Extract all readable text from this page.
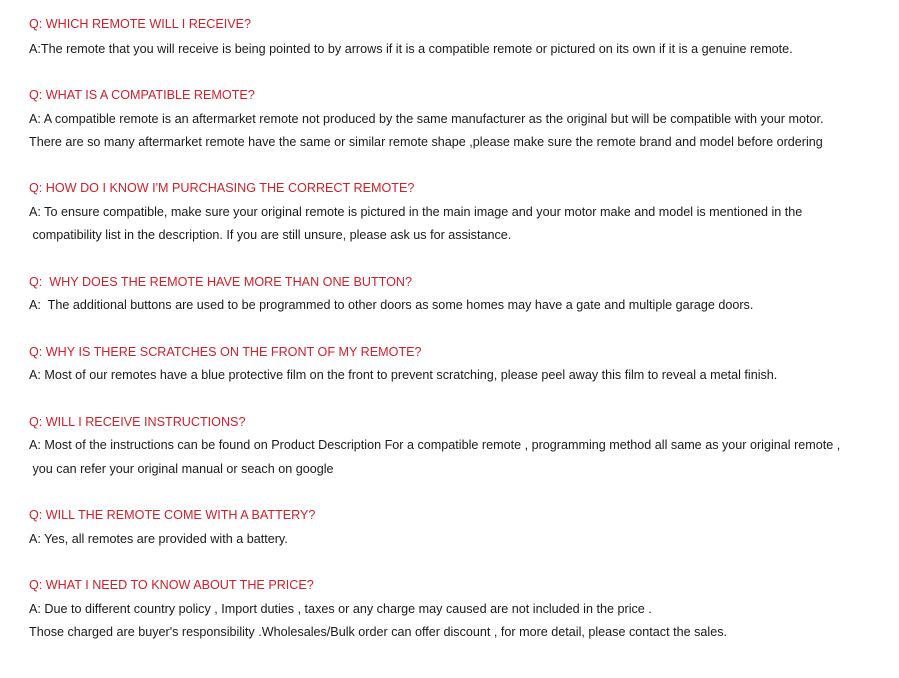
Q: WHICH REMOTE WILL I RECEIVE?
A:The remote that you will receive is being pointed to by arrows if it is a compatible remote or pictured on its own if it is a genuine remote.
Q: WHAT IS A COMPATIBLE REMOTE?
A: A compatible remote is an aftermarket remote not produced by the same manufacturer as the original but will be compatible with your motor.
There are so many aftermarket remote have the same or similar remote shape ,please make sure the remote brand and model before ordering
Q: HOW DO I KNOW I'M PURCHASING THE CORRECT REMOTE?
A: To ensure compatible, make sure your original remote is pictured in the main image and your motor make and model is mentioned in the
compatibility list in the description. If you are still unsure, please ask us for assistance.
Q:  WHY DOES THE REMOTE HAVE MORE THAN ONE BUTTON?
A:  The additional buttons are used to be programmed to other doors as some homes may have a gate and multiple garage doors.
Q: WHY IS THERE SCRATCHES ON THE FRONT OF MY REMOTE?
A: Most of our remotes have a blue protective film on the front to prevent scratching, please peel away this film to reveal a metal finish.
Q: WILL I RECEIVE INSTRUCTIONS?
A: Most of the instructions can be found on Product Description For a compatible remote , programming method all same as your original remote ,
you can refer your original manual or seach on google
Q: WILL THE REMOTE COME WITH A BATTERY?
A: Yes, all remotes are provided with a battery.
Q: WHAT I NEED TO KNOW ABOUT THE PRICE?
A: Due to different country policy , Import duties , taxes or any charge may caused are not included in the price .
Those charged are buyer's responsibility .Wholesales/Bulk order can offer discount , for more detail, please contact the sales.
